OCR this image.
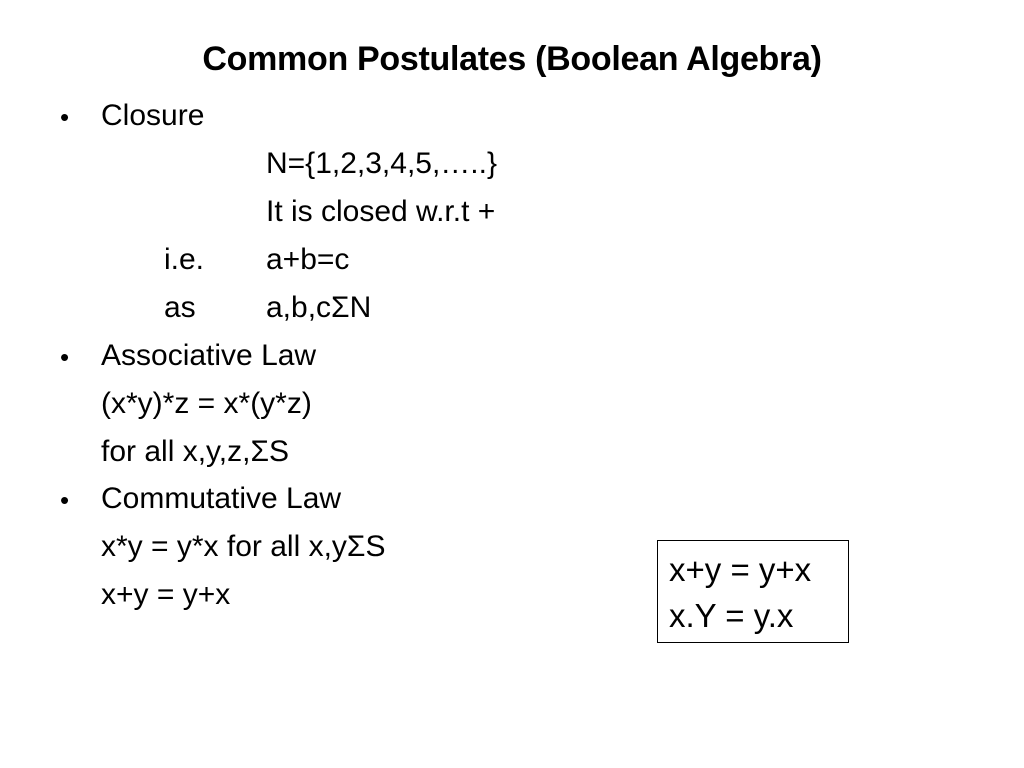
Common Postulates (Boolean Algebra)
• Closure
N={1,2,3,4,5,…..}
It is closed w.r.t +
i.e. a+b=c
as a,b,cΣN
• Associative Law
(x*y)*z = x*(y*z)
for all x,y,z,ΣS
• Commutative Law
x*y = y*x for all x,yΣS
x+y = y+x
x+y = y+x
x.Y = y.x
